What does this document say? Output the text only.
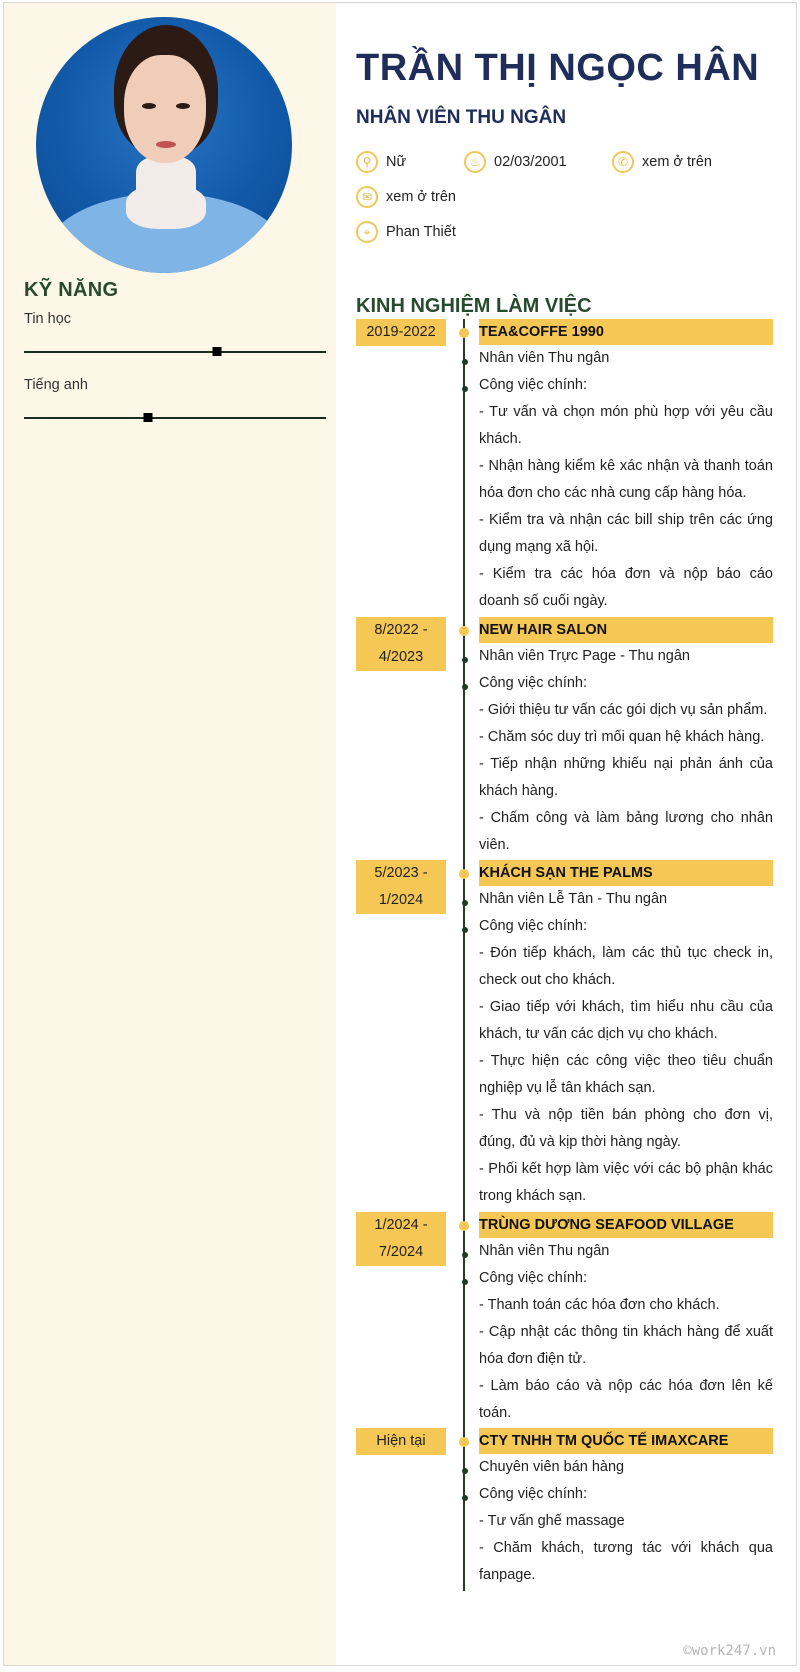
KỸ NĂNG
Tin học
Tiếng anh
TRẦN THỊ NGỌC HÂN
NHÂN VIÊN THU NGÂN
⚲	Nữ	♨ 02/03/2001	✆ xem ở trên
✉ xem ở trên
⌖	Phan Thiết
KINH NGHIỆM LÀM VIỆC
2019-2022	TEA&COFFE 1990
Nhân viên Thu ngân
Công việc chính:
- Tư vấn và chọn món phù hợp với yêu cầu khách.
- Nhận hàng kiểm kê xác nhận và thanh toán hóa đơn cho các nhà cung cấp hàng hóa.
- Kiểm tra và nhận các bill ship trên các ứng dụng mạng xã hội.
- Kiểm tra các hóa đơn và nộp báo cáo doanh số cuối ngày.
8/2022 -
4/2023
NEW HAIR SALON
Nhân viên Trực Page - Thu ngân
Công việc chính:
- Giới thiệu tư vấn các gói dịch vụ sản phẩm.
- Chăm sóc duy trì mối quan hệ khách hàng.
- Tiếp nhận những khiếu nại phản ánh của khách hàng.
- Chấm công và làm bảng lương cho nhân viên.
5/2023 -
1/2024
KHÁCH SẠN THE PALMS
Nhân viên Lễ Tân - Thu ngân
Công việc chính:
- Đón tiếp khách, làm các thủ tục check in, check out cho khách.
- Giao tiếp với khách, tìm hiểu nhu cầu của khách, tư vấn các dịch vụ cho khách.
- Thực hiện các công việc theo tiêu chuẩn nghiệp vụ lễ tân khách sạn.
- Thu và nộp tiền bán phòng cho đơn vị, đúng, đủ và kịp thời hàng ngày.
- Phối kết hợp làm việc với các bộ phận khác trong khách sạn.
1/2024 -
7/2024
TRÙNG DƯƠNG SEAFOOD VILLAGE
Nhân viên Thu ngân
Công việc chính:
- Thanh toán các hóa đơn cho khách.
- Cập nhật các thông tin khách hàng để xuất hóa đơn điện tử.
- Làm báo cáo và nộp các hóa đơn lên kế toán.
Hiện tại	CTY TNHH TM QUỐC TẾ IMAXCARE
Chuyên viên bán hàng
Công việc chính:
- Tư vấn ghế massage
- Chăm khách, tương tác với khách qua fanpage.
©work247.vn
